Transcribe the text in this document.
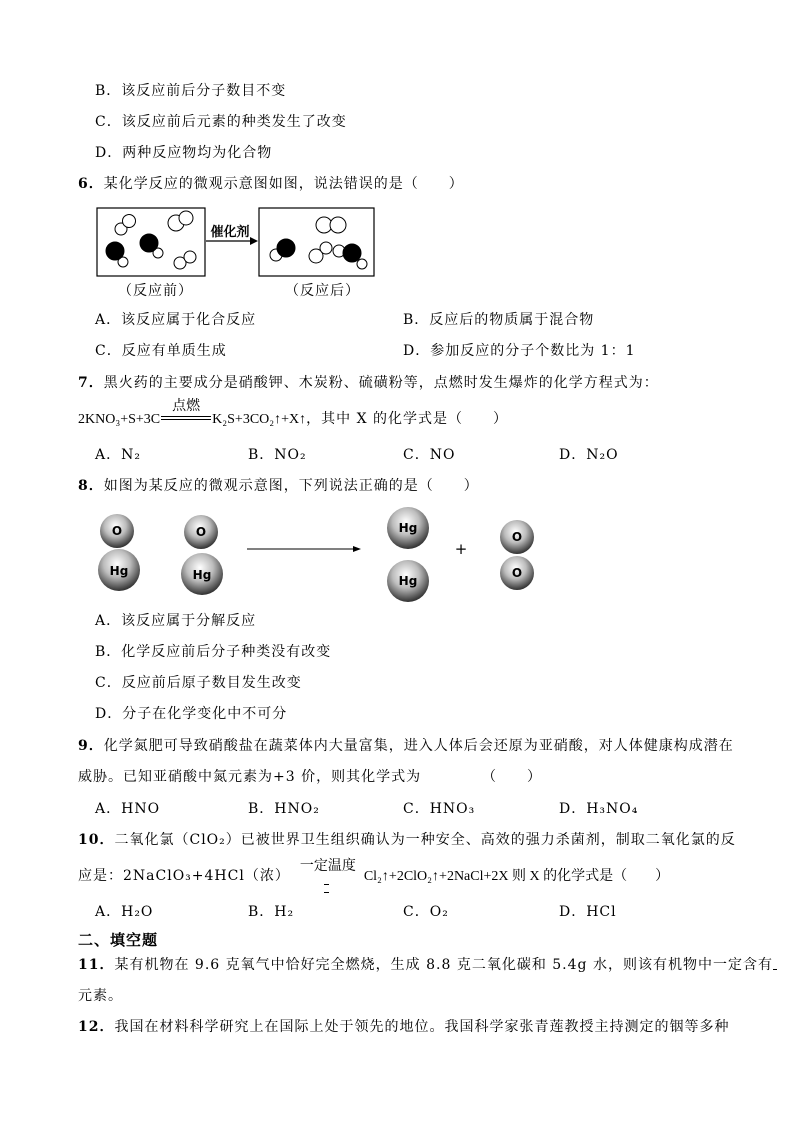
B．该反应前后分子数目不变
C．该反应前后元素的种类发生了改变
D．两种反应物均为化合物
6．某化学反应的微观示意图如图，说法错误的是（　　）
催化剂
（反应前）	（反应后）
A．该反应属于化合反应	B．反应后的物质属于混合物
C．反应有单质生成	D．参加反应的分子个数比为 1：1
7．黑火药的主要成分是硝酸钾、木炭粉、硫磺粉等，点燃时发生爆炸的化学方程式为：
2KNO₃+S+3C
点燃
K₂S+3CO₂↑+X↑，其中 X 的化学式是（　　）
A．N₂	B．NO₂	C．NO	D．N₂O
8．如图为某反应的微观示意图，下列说法正确的是（　　）
Hg
O
Hg
O	Hg
Hg
+
O
O
A．该反应属于分解反应
B．化学反应前后分子种类没有改变
C．反应前后原子数目发生改变
D．分子在化学变化中不可分
9．化学氮肥可导致硝酸盐在蔬菜体内大量富集，进入人体后会还原为亚硝酸，对人体健康构成潜在
威胁。已知亚硝酸中氮元素为+3 价，则其化学式为	（　　）
A．HNO	B．HNO₂	C．HNO₃	D．H₃NO₄
10．二氧化氯（ClO₂）已被世界卫生组织确认为一种安全、高效的强力杀菌剂，制取二氧化氯的反
应是：2NaClO₃+4HCl（浓）
一定温度
Cl₂↑+2ClO₂↑+2NaCl+2X 则 X 的化学式是（　　）
A．H₂O	B．H₂	C．O₂	D．HCl
二、填空题
11．某有机物在 9.6 克氧气中恰好完全燃烧，生成 8.8 克二氧化碳和 5.4g 水，则该有机物中一定含有
元素。
12．我国在材料科学研究上在国际上处于领先的地位。我国科学家张青莲教授主持测定的铟等多种
